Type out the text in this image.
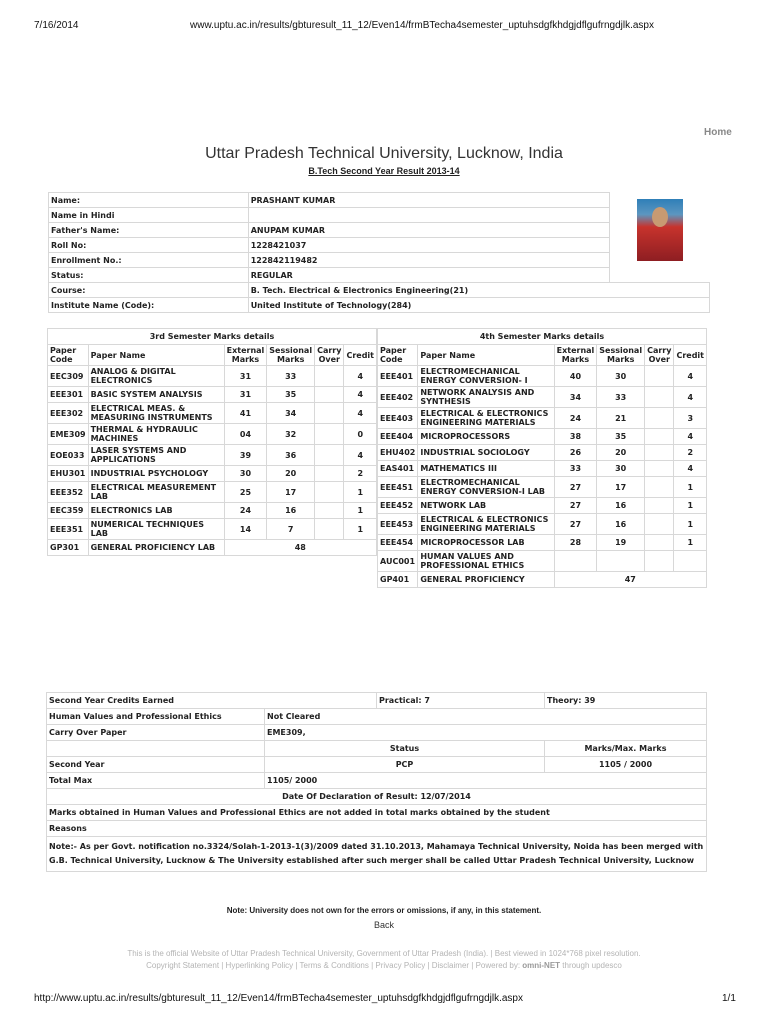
7/16/2014	www.uptu.ac.in/results/gbturesult_11_12/Even14/frmBTecha4semester_uptuhsdgfkhdgjdflgufrngdjlk.aspx
Home
Uttar Pradesh Technical University, Lucknow, India
B.Tech Second Year Result 2013-14
Name:	PRASHANT KUMAR	

Name in Hindi		
Father's Name:	ANUPAM KUMAR	
Roll No:	1228421037	
Enrollment No.:	122842119482	
Status:	REGULAR	
Course:	B. Tech. Electrical & Electronics Engineering(21)	
Institute Name (Code):	United Institute of Technology(284)	
3rd Semester Marks details					
Paper Code	Paper Name	External Marks	Sessional Marks	Carry Over	Credit
EEC309	ANALOG & DIGITAL ELECTRONICS	31	33		4
EEE301	BASIC SYSTEM ANALYSIS	31	35		4
EEE302	ELECTRICAL MEAS. & MEASURING INSTRUMENTS	41	34		4
EME309	THERMAL & HYDRAULIC MACHINES	04	32		0
EOE033	LASER SYSTEMS AND APPLICATIONS	39	36		4
EHU301	INDUSTRIAL PSYCHOLOGY	30	20		2
EEE352	ELECTRICAL MEASUREMENT LAB	25	17		1
EEC359	ELECTRONICS LAB	24	16		1
EEE351	NUMERICAL TECHNIQUES LAB	14	7		1
GP301	GENERAL PROFICIENCY LAB	48			
4th Semester Marks details					
Paper Code	Paper Name	External Marks	Sessional Marks	Carry Over	Credit
EEE401	ELECTROMECHANICAL ENERGY CONVERSION- I	40	30		4
EEE402	NETWORK ANALYSIS AND SYNTHESIS	34	33		4
EEE403	ELECTRICAL & ELECTRONICS ENGINEERING MATERIALS	24	21		3
EEE404	MICROPROCESSORS	38	35		4
EHU402	INDUSTRIAL SOCIOLOGY	26	20		2
EAS401	MATHEMATICS III	33	30		4
EEE451	ELECTROMECHANICAL ENERGY CONVERSION-I LAB	27	17		1
EEE452	NETWORK LAB	27	16		1
EEE453	ELECTRICAL & ELECTRONICS ENGINEERING MATERIALS	27	16		1
EEE454	MICROPROCESSOR LAB	28	19		1
AUC001	HUMAN VALUES AND PROFESSIONAL ETHICS				
GP401	GENERAL PROFICIENCY	47			
Second Year Credits Earned		Practical: 7	Theory: 39
Human Values and Professional Ethics	Not Cleared		
Carry Over Paper	EME309,		
	Status		Marks/Max. Marks
Second Year	PCP		1105 / 2000
Total Max	1105/ 2000		
Date Of Declaration of Result: 12/07/2014			
Marks obtained in Human Values and Professional Ethics are not added in total marks obtained by the student			
Reasons			
Note:- As per Govt. notification no.3324/Solah-1-2013-1(3)/2009 dated 31.10.2013, Mahamaya Technical University, Noida has been merged with G.B. Technical University, Lucknow & The University established after such merger shall be called Uttar Pradesh Technical University, Lucknow			
Note: University does not own for the errors or omissions, if any, in this statement.
Back
This is the official Website of Uttar Pradesh Technical University, Government of Uttar Pradesh (India). | Best viewed in 1024*768 pixel resolution.
Copyright Statement | Hyperlinking Policy | Terms & Conditions | Privacy Policy | Disclaimer | Powered by: omni-NET through updesco
http://www.uptu.ac.in/results/gbturesult_11_12/Even14/frmBTecha4semester_uptuhsdgfkhdgjdflgufrngdjlk.aspx	1/1
